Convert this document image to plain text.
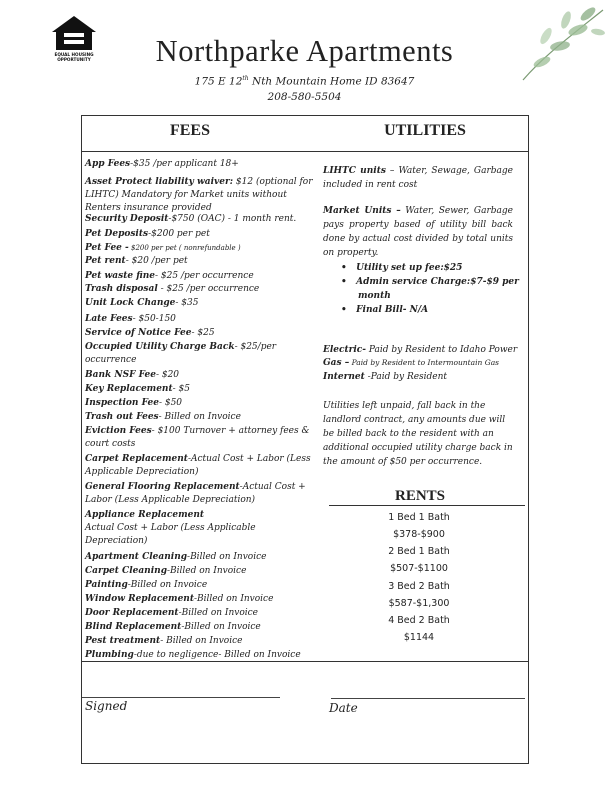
EQUAL HOUSING
OPPORTUNITY	Northparke Apartments
175 E 12th Nth Mountain Home ID 83647
208-580-5504
FEES	UTILITIES
App Fees-$35 /per applicant 18+
Asset Protect liability waiver: $12 (optional for LIHTC) Mandatory for Market units without Renters insurance provided
Security Deposit-$750 (OAC) - 1 month rent.
Pet Deposits-$200 per pet
Pet Fee - $200 per pet ( nonrefundable )
Pet rent- $20 /per pet
Pet waste fine- $25 /per occurrence
Trash disposal - $25 /per occurrence
Unit Lock Change- $35
Late Fees- $50-150
Service of Notice Fee- $25
Occupied Utility Charge Back- $25/per occurrence
Bank NSF Fee- $20
Key Replacement- $5
Inspection Fee- $50
Trash out Fees- Billed on Invoice
Eviction Fees- $100 Turnover + attorney fees & court costs
Carpet Replacement-Actual Cost + Labor (Less Applicable Depreciation)
General Flooring Replacement-Actual Cost + Labor (Less Applicable Depreciation)
Appliance Replacement
Actual Cost + Labor (Less Applicable Depreciation)
Apartment Cleaning-Billed on Invoice
Carpet Cleaning-Billed on Invoice
Painting-Billed on Invoice
Window Replacement-Billed on Invoice
Door Replacement-Billed on Invoice
Blind Replacement-Billed on Invoice
Pest treatment- Billed on Invoice
Plumbing-due to negligence- Billed on Invoice
LIHTC units – Water, Sewage, Garbage included in rent cost
Market Units – Water, Sewer, Garbage pays property based of utility bill back done by actual cost divided by total units on property.
•   Utility set up fee:$25
•   Admin service Charge:$7-$9 per month
•   Final Bill- N/A
Electric- Paid by Resident to Idaho Power
Gas – Paid by Resident to Intermountain Gas
Internet -Paid by Resident
Utilities left unpaid, fall back in the landlord contract, any amounts due will be billed back to the resident with an additional occupied utility charge back in the amount of $50 per occurrence.
RENTS
1 Bed 1 Bath
$378-$900
2 Bed 1 Bath
$507-$1100
3 Bed 2 Bath
$587-$1,300
4 Bed 2 Bath
$1144
Signed	Date
